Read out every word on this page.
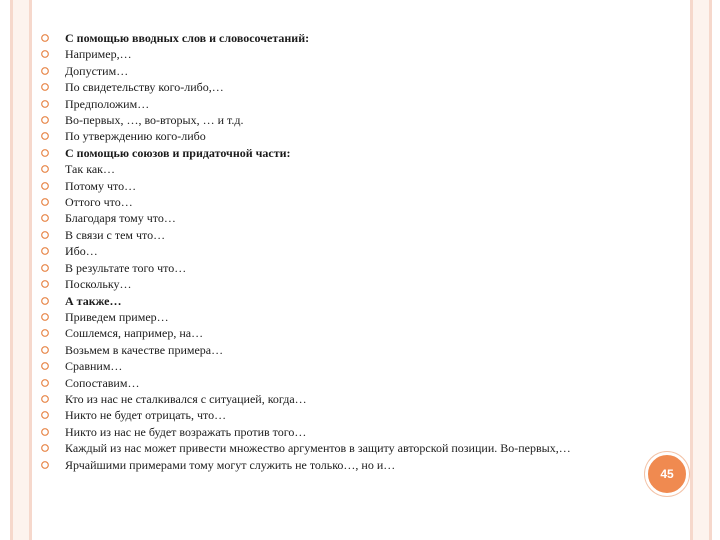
С помощью вводных слов и словосочетаний:
Например,…
Допустим…
По свидетельству кого-либо,…
Предположим…
Во-первых, …, во-вторых, … и т.д.
По утверждению кого-либо
С помощью союзов и придаточной части:
Так как…
Потому что…
Оттого что…
Благодаря тому что…
В связи с тем что…
Ибо…
В результате того что…
Поскольку…
А также…
Приведем пример…
Сошлемся, например, на…
Возьмем в качестве примера…
Сравним…
Сопоставим…
Кто из нас не сталкивался с ситуацией, когда…
Никто не будет отрицать, что…
Никто из нас не будет возражать против того…
Каждый из нас может привести множество аргументов в защиту авторской позиции. Во-первых,…
Ярчайшими примерами тому могут служить не только…, но и…
45
